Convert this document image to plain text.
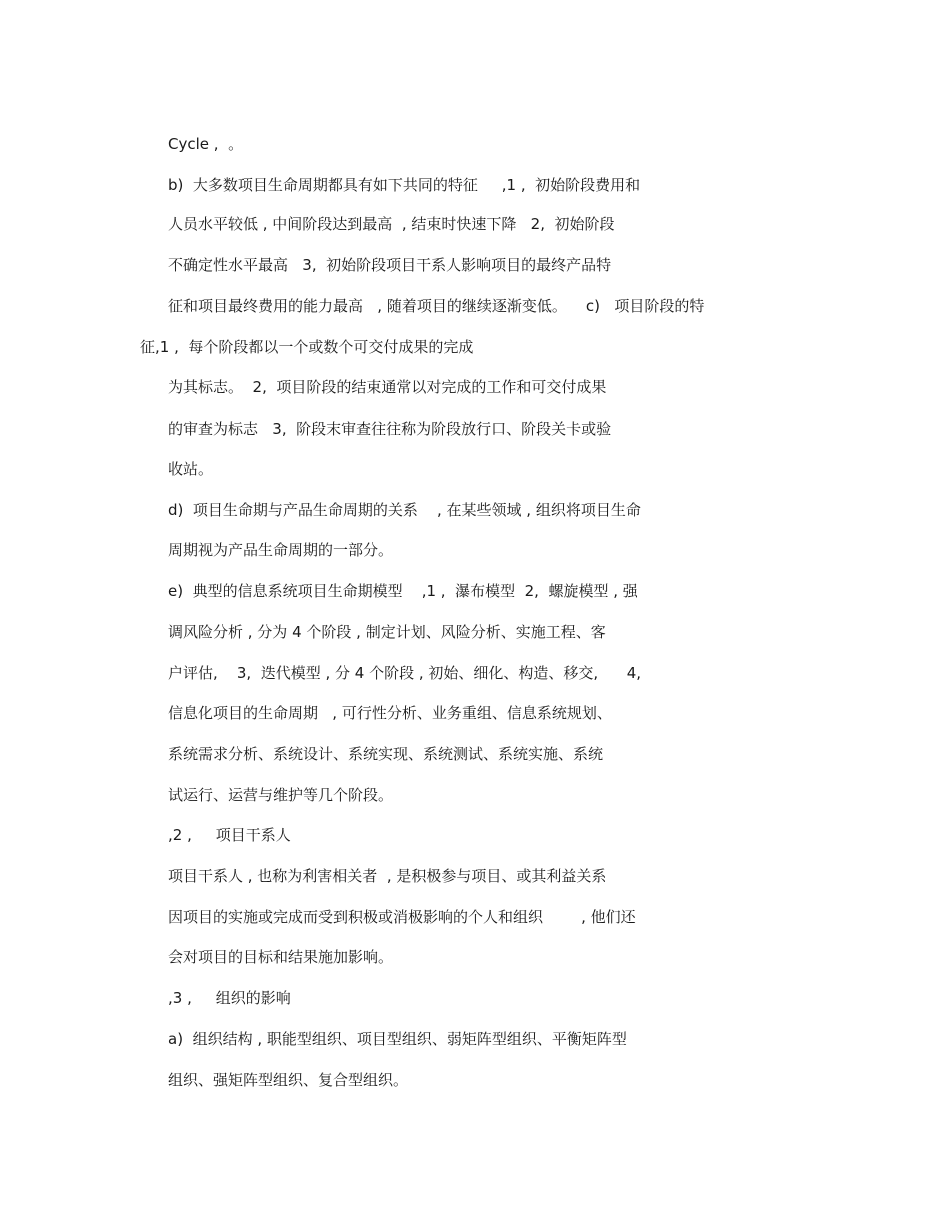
Cycle ,  。

b)  大多数项目生命周期都具有如下共同的特征     ,1 ,  初始阶段费用和

人员水平较低 , 中间阶段达到最高  , 结束时快速下降   2,  初始阶段

不确定性水平最高   3,  初始阶段项目干系人影响项目的最终产品特

征和项目最终费用的能力最高   , 随着项目的继续逐渐变低。    c)   项目阶段的特

征,1 ,  每个阶段都以一个或数个可交付成果的完成

为其标志。  2,  项目阶段的结束通常以对完成的工作和可交付成果

的审查为标志   3,  阶段末审查往往称为阶段放行口、阶段关卡或验

收站。

d)  项目生命期与产品生命周期的关系    , 在某些领域 , 组织将项目生命

周期视为产品生命周期的一部分。

e)  典型的信息系统项目生命期模型    ,1 ,  瀑布模型  2,  螺旋模型 , 强

调风险分析 , 分为 4 个阶段 , 制定计划、风险分析、实施工程、客

户评估,    3,  迭代模型 , 分 4 个阶段 , 初始、细化、构造、移交,      4,

信息化项目的生命周期   , 可行性分析、业务重组、信息系统规划、

系统需求分析、系统设计、系统实现、系统测试、系统实施、系统

试运行、运营与维护等几个阶段。

,2 ,     项目干系人

项目干系人 , 也称为利害相关者  , 是积极参与项目、或其利益关系

因项目的实施或完成而受到积极或消极影响的个人和组织        , 他们还

会对项目的目标和结果施加影响。

,3 ,     组织的影响

a)  组织结构 , 职能型组织、项目型组织、弱矩阵型组织、平衡矩阵型

组织、强矩阵型组织、复合型组织。
